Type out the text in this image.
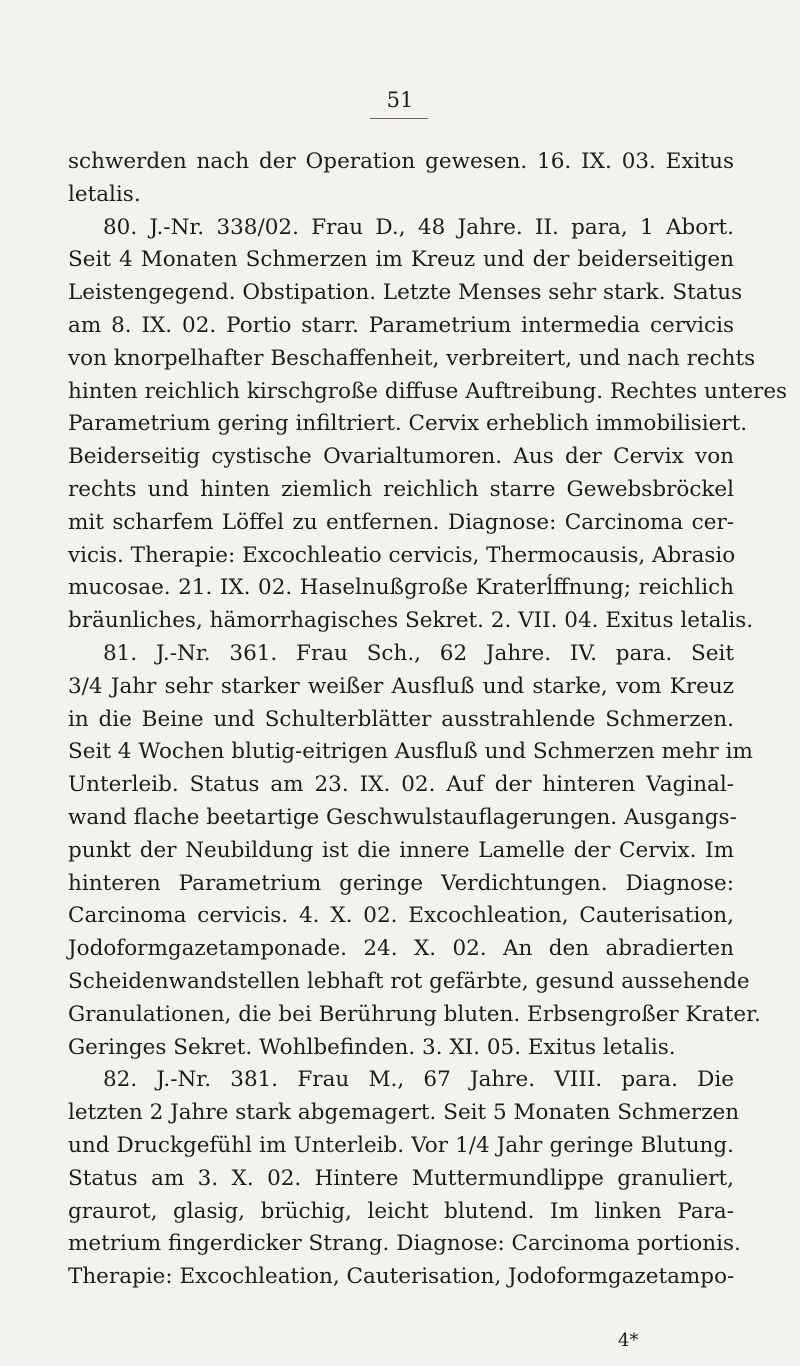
51
schwerden nach der Operation gewesen. 16. IX. 03. Exitus
letalis.
80. J.-Nr. 338/02. Frau D., 48 Jahre. II. para, 1 Abort.
Seit 4 Monaten Schmerzen im Kreuz und der beiderseitigen
Leistengegend. Obstipation. Letzte Menses sehr stark. Status
am 8. IX. 02. Portio starr. Parametrium intermedia cervicis
von knorpelhafter Beschaffenheit, verbreitert, und nach rechts
hinten reichlich kirschgroße diffuse Auftreibung. Rechtes unteres
Parametrium gering infiltriert. Cervix erheblich immobilisiert.
Beiderseitig cystische Ovarialtumoren. Aus der Cervix von
rechts und hinten ziemlich reichlich starre Gewebsbröckel
mit scharfem Löffel zu entfernen. Diagnose: Carcinoma cer-
vicis. Therapie: Excochleatio cervicis, Thermocausis, Abrasio
mucosae. 21. IX. 02. Haselnußgroße Kraterĺffnung; reichlich
bräunliches, hämorrhagisches Sekret. 2. VII. 04. Exitus letalis.
81. J.-Nr. 361. Frau Sch., 62 Jahre. IV. para. Seit
3/4 Jahr sehr starker weißer Ausfluß und starke, vom Kreuz
in die Beine und Schulterblätter ausstrahlende Schmerzen.
Seit 4 Wochen blutig-eitrigen Ausfluß und Schmerzen mehr im
Unterleib. Status am 23. IX. 02. Auf der hinteren Vaginal-
wand flache beetartige Geschwulstauflagerungen. Ausgangs-
punkt der Neubildung ist die innere Lamelle der Cervix. Im
hinteren Parametrium geringe Verdichtungen. Diagnose:
Carcinoma cervicis. 4. X. 02. Excochleation, Cauterisation,
Jodoformgazetamponade. 24. X. 02. An den abradierten
Scheidenwandstellen lebhaft rot gefärbte, gesund aussehende
Granulationen, die bei Berührung bluten. Erbsengroßer Krater.
Geringes Sekret. Wohlbefinden. 3. XI. 05. Exitus letalis.
82. J.-Nr. 381. Frau M., 67 Jahre. VIII. para. Die
letzten 2 Jahre stark abgemagert. Seit 5 Monaten Schmerzen
und Druckgefühl im Unterleib. Vor 1/4 Jahr geringe Blutung.
Status am 3. X. 02. Hintere Muttermundlippe granuliert,
graurot, glasig, brüchig, leicht blutend. Im linken Para-
metrium fingerdicker Strang. Diagnose: Carcinoma portionis.
Therapie: Excochleation, Cauterisation, Jodoformgazetampo-
4*
